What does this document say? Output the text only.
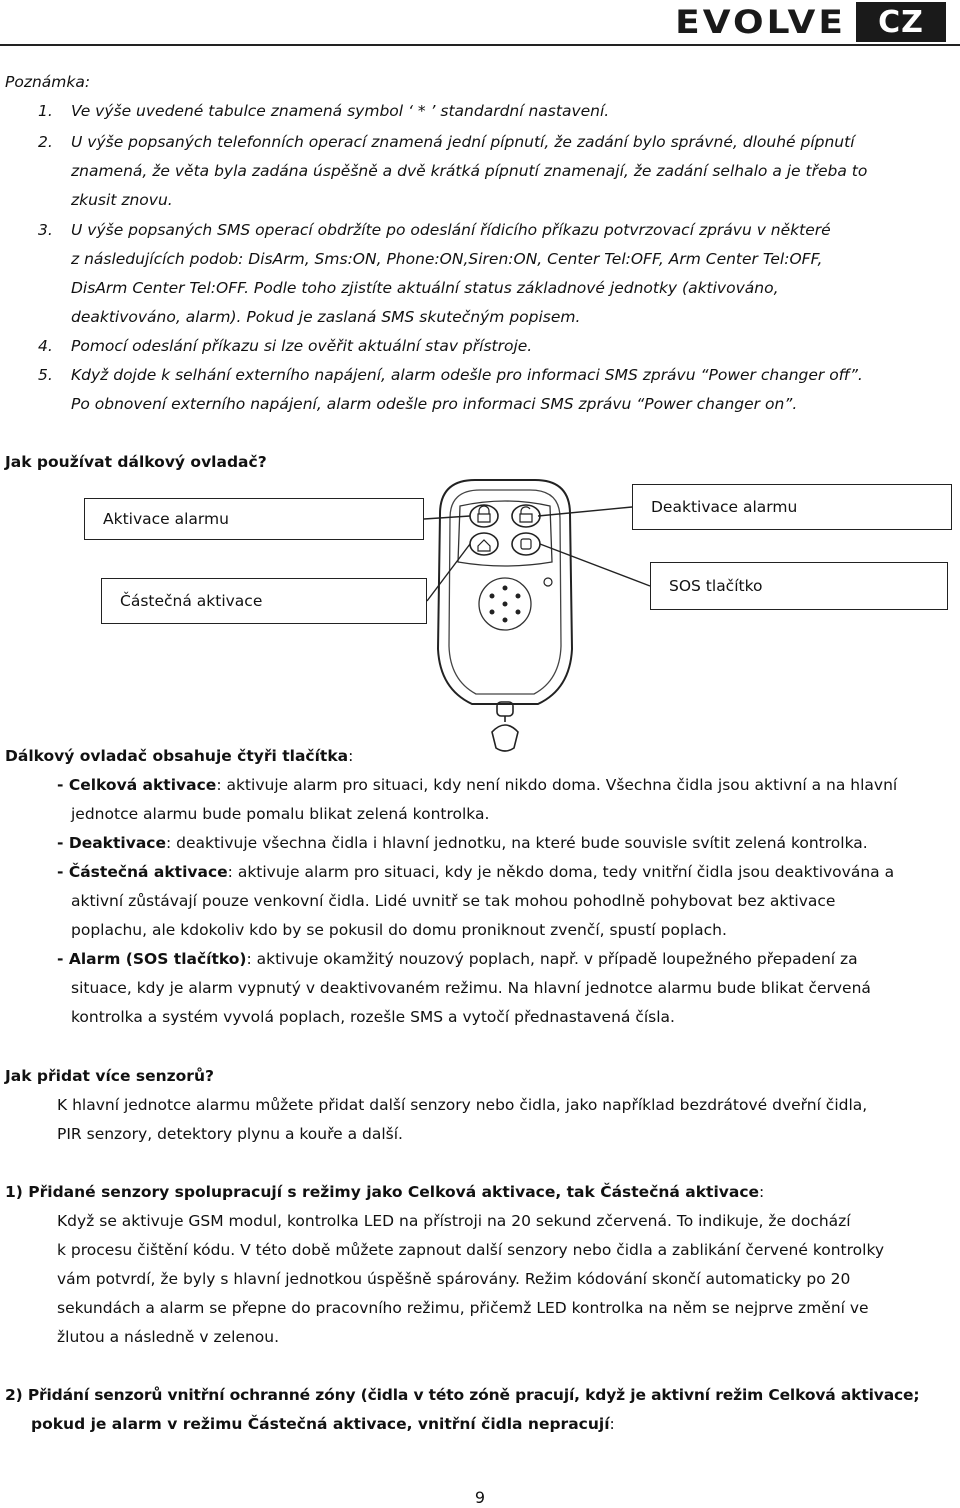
EVOLVE	CZ
Poznámka:
1. Ve výše uvedené tabulce znamená symbol ‘ * ’ standardní nastavení.
2. U výše popsaných telefonních operací znamená jední pípnutí, že zadání bylo správné, dlouhé pípnutí
znamená, že věta byla zadána úspěšně a dvě krátká pípnutí znamenají, že zadání selhalo a je třeba to
zkusit znovu.
3. U výše popsaných SMS operací obdržíte po odeslání řídicího příkazu potvrzovací zprávu v některé
z následujících podob: DisArm, Sms:ON, Phone:ON,Siren:ON, Center Tel:OFF, Arm Center Tel:OFF,
DisArm Center Tel:OFF. Podle toho zjistíte aktuální status základnové jednotky (aktivováno,
deaktivováno, alarm). Pokud je zaslaná SMS skutečným popisem.
4. Pomocí odeslání příkazu si lze ověřit aktuální stav přístroje.
5. Když dojde k selhání externího napájení, alarm odešle pro informaci SMS zprávu “Power changer off”.
Po obnovení externího napájení, alarm odešle pro informaci SMS zprávu “Power changer on”.
Jak používat dálkový ovladač?
Aktivace alarmu
Deaktivace alarmu
Částečná aktivace
SOS tlačítko
Dálkový ovladač obsahuje čtyři tlačítka:
- Celková aktivace: aktivuje alarm pro situaci, kdy není nikdo doma. Všechna čidla jsou aktivní a na hlavní
jednotce alarmu bude pomalu blikat zelená kontrolka.
- Deaktivace: deaktivuje všechna čidla i hlavní jednotku, na které bude souvisle svítit zelená kontrolka.
- Částečná aktivace: aktivuje alarm pro situaci, kdy je někdo doma, tedy vnitřní čidla jsou deaktivována a
aktivní zůstávají pouze venkovní čidla. Lidé uvnitř se tak mohou pohodlně pohybovat bez aktivace
poplachu, ale kdokoliv kdo by se pokusil do domu proniknout zvenčí, spustí poplach.
- Alarm (SOS tlačítko): aktivuje okamžitý nouzový poplach, např. v případě loupežného přepadení za
situace, kdy je alarm vypnutý v deaktivovaném režimu. Na hlavní jednotce alarmu bude blikat červená
kontrolka a systém vyvolá poplach, rozešle SMS a vytočí přednastavená čísla.
Jak přidat více senzorů?
K hlavní jednotce alarmu můžete přidat další senzory nebo čidla, jako například bezdrátové dveřní čidla,
PIR senzory, detektory plynu a kouře a další.
1) Přidané senzory spolupracují s režimy jako Celková aktivace, tak Částečná aktivace:
Když se aktivuje GSM modul, kontrolka LED na přístroji na 20 sekund zčervená. To indikuje, že dochází
k procesu čištění kódu. V této době můžete zapnout další senzory nebo čidla a zablikání červené kontrolky
vám potvrdí, že byly s hlavní jednotkou úspěšně spárovány. Režim kódování skončí automaticky po 20
sekundách a alarm se přepne do pracovního režimu, přičemž LED kontrolka na něm se nejprve změní ve
žlutou a následně v zelenou.
2) Přidání senzorů vnitřní ochranné zóny (čidla v této zóně pracují, když je aktivní režim Celková aktivace;
pokud je alarm v režimu Částečná aktivace, vnitřní čidla nepracují:
9
